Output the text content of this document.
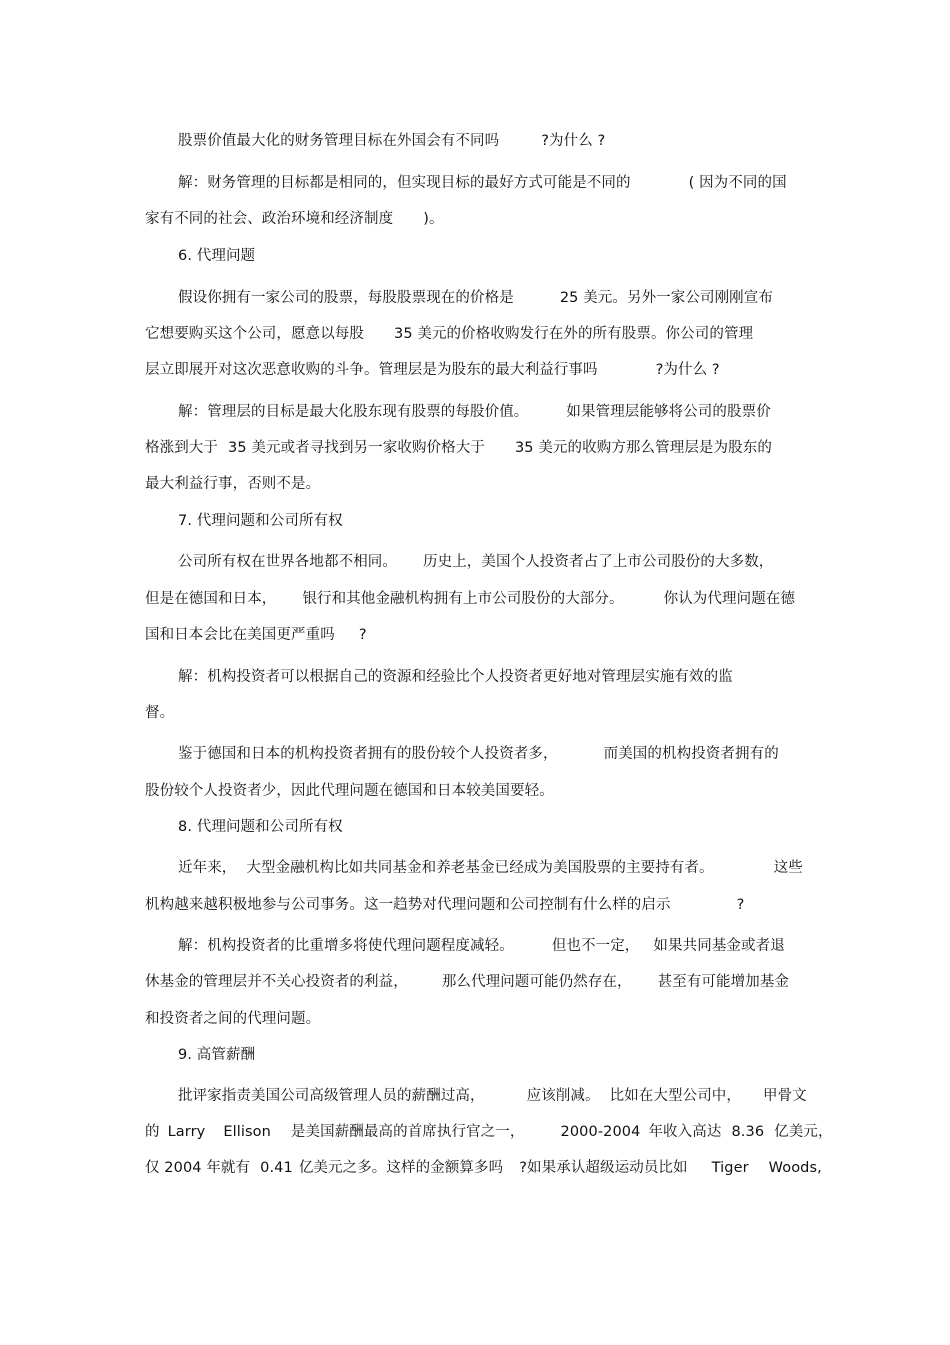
股票价值最大化的财务管理目标在外国会有不同吗	?为什么 ?
解：财务管理的目标都是相同的，但实现目标的最好方式可能是不同的	( 因为不同的国
家有不同的社会、政治环境和经济制度 )。
6. 代理问题
假设你拥有一家公司的股票，每股股票现在的价格是	25 美元。另外一家公司刚刚宣布
它想要购买这个公司，愿意以每股 35 美元的价格收购发行在外的所有股票。你公司的管理
层立即展开对这次恶意收购的斗争。管理层是为股东的最大利益行事吗	?为什么 ?
解：管理层的目标是最大化股东现有股票的每股价值。	如果管理层能够将公司的股票价
格涨到大于 35 美元或者寻找到另一家收购价格大于 35 美元的收购方那么管理层是为股东的
最大利益行事，否则不是。
7. 代理问题和公司所有权
公司所有权在世界各地都不相同。 历史上，美国个人投资者占了上市公司股份的大多数，
但是在德国和日本， 银行和其他金融机构拥有上市公司股份的大部分。	你认为代理问题在德
国和日本会比在美国更严重吗 ?
解：机构投资者可以根据自己的资源和经验比个人投资者更好地对管理层实施有效的监
督。
鉴于德国和日本的机构投资者拥有的股份较个人投资者多，	而美国的机构投资者拥有的
股份较个人投资者少，因此代理问题在德国和日本较美国要轻。
8. 代理问题和公司所有权
近年来， 大型金融机构比如共同基金和养老基金已经成为美国股票的主要持有者。	这些
机构越来越积极地参与公司事务。这一趋势对代理问题和公司控制有什么样的启示	?
解：机构投资者的比重增多将使代理问题程度减轻。	但也不一定， 如果共同基金或者退
休基金的管理层并不关心投资者的利益， 那么代理问题可能仍然存在， 甚至有可能增加基金
和投资者之间的代理问题。
9. 高管薪酬
批评家指责美国公司高级管理人员的薪酬过高，	应该削减。 比如在大型公司中， 甲骨文
的 Larry Ellison 是美国薪酬最高的首席执行官之一， 2000-2004 年收入高达 8.36 亿美元，
仅 2004 年就有 0.41 亿美元之多。这样的金额算多吗 ?如果承认超级运动员比如 Tiger Woods,
